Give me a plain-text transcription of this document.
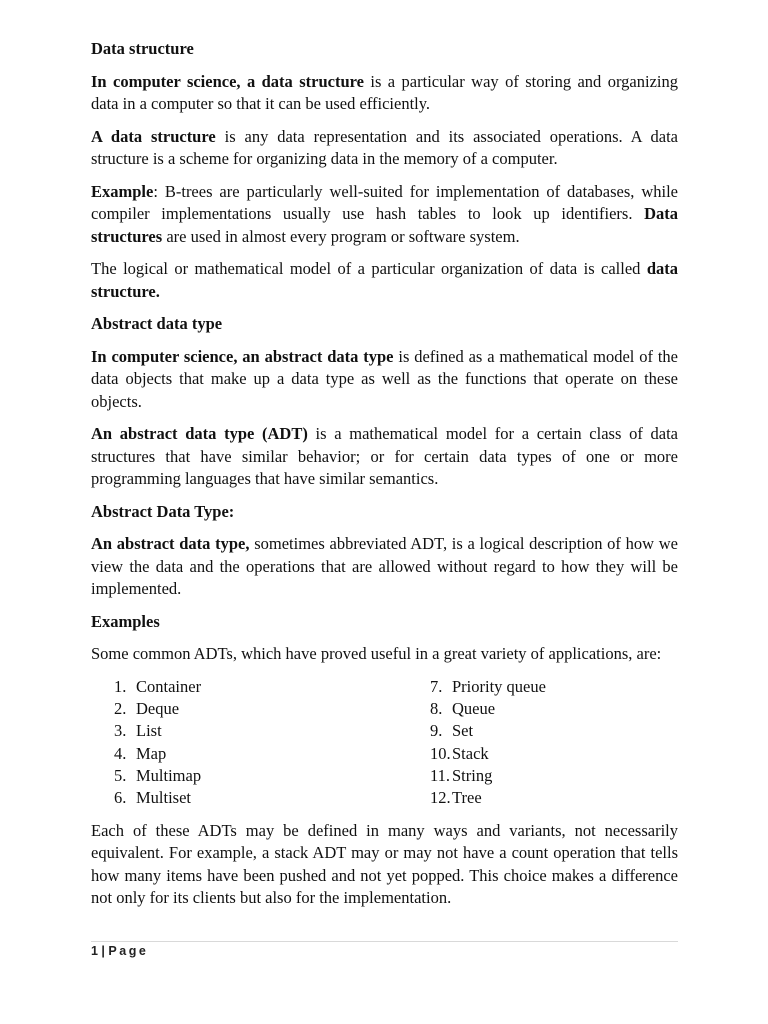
Data structure

In computer science, a data structure is a particular way of storing and organizing data in a computer so that it can be used efficiently.

A data structure is any data representation and its associated operations. A data structure is a scheme for organizing data in the memory of a computer.

Example: B-trees are particularly well-suited for implementation of databases, while compiler implementations usually use hash tables to look up identifiers. Data structures are used in almost every program or software system.

The logical or mathematical model of a particular organization of data is called data structure.

Abstract data type

In computer science, an abstract data type is defined as a mathematical model of the data objects that make up a data type as well as the functions that operate on these objects.

An abstract data type (ADT) is a mathematical model for a certain class of data structures that have similar behavior; or for certain data types of one or more programming languages that have similar semantics.

Abstract Data Type:

An abstract data type, sometimes abbreviated ADT, is a logical description of how we view the data and the operations that are allowed without regard to how they will be implemented.

Examples

Some common ADTs, which have proved useful in a great variety of applications, are:

1. Container
2. Deque
3. List
4. Map
5. Multimap
6. Multiset
7. Priority queue
8. Queue
9. Set
10. Stack
11. String
12. Tree

Each of these ADTs may be defined in many ways and variants, not necessarily equivalent. For example, a stack ADT may or may not have a count operation that tells how many items have been pushed and not yet popped. This choice makes a difference not only for its clients but also for the implementation.

1 | Page
